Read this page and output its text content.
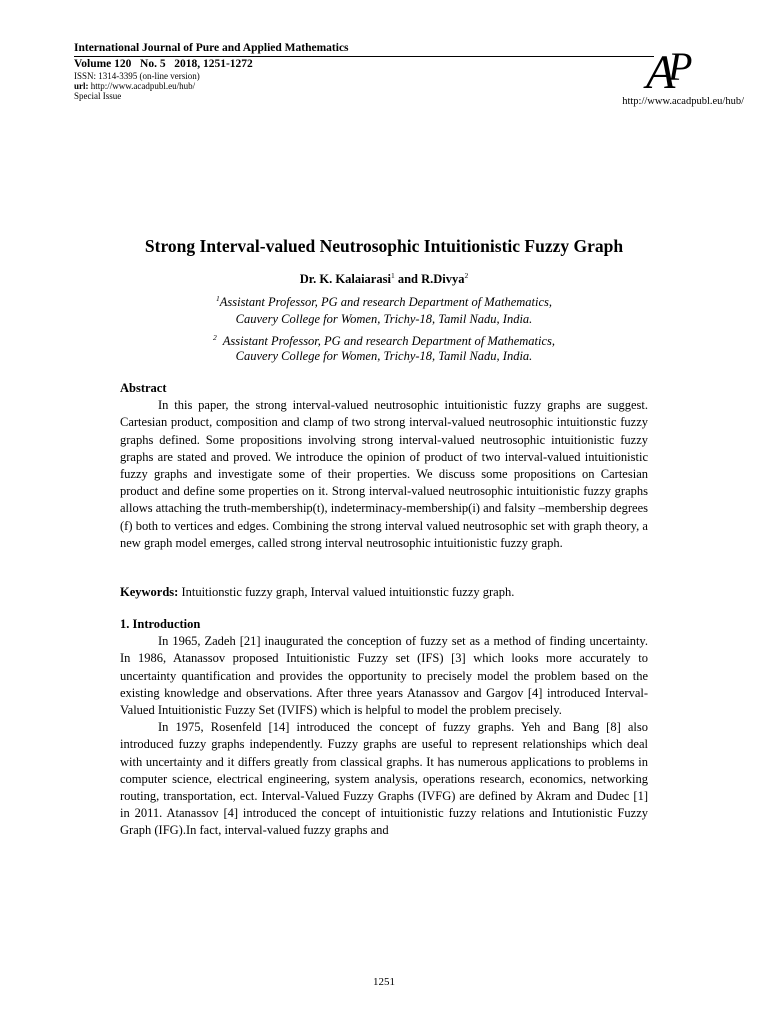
International Journal of Pure and Applied Mathematics
Volume 120   No. 5   2018, 1251-1272
ISSN: 1314-3395 (on-line version)
url: http://www.acadpubl.eu/hub/
Special Issue	A
P
http://www.acadpubl.eu/hub/
Strong Interval-valued Neutrosophic Intuitionistic Fuzzy Graph
Dr. K. Kalaiarasi$^1$ and R.Divya$^2$
$^1$Assistant Professor, PG and research Department of Mathematics,
Cauvery College for Women, Trichy-18, Tamil Nadu, India.
$^2$ Assistant Professor, PG and research Department of Mathematics,
Cauvery College for Women, Trichy-18, Tamil Nadu, India.
Abstract

In this paper, the strong interval-valued neutrosophic intuitionistic fuzzy graphs are suggest. Cartesian product, composition and clamp of two strong interval-valued neutrosophic intuitionstic fuzzy graphs defined. Some propositions involving strong interval-valued neutrosophic intuitionistic fuzzy graphs are stated and proved. We introduce the opinion of product of two interval-valued intuitionistic fuzzy graphs and investigate some of their properties. We discuss some propositions on Cartesian product and define some properties on it. Strong interval-valued neutrosophic intuitionistic fuzzy graphs allows attaching the truth-membership(t), indeterminacy-membership(i) and falsity –membership degrees (f) both to vertices and edges. Combining the strong interval valued neutrosophic set with graph theory, a new graph model emerges, called strong interval neutrosophic intuitionistic fuzzy graph.

Keywords: Intuitionstic fuzzy graph, Interval valued intuitionstic fuzzy graph.
1. Introduction

In 1965, Zadeh [21] inaugurated the conception of fuzzy set as a method of finding uncertainty. In 1986, Atanassov proposed Intuitionistic Fuzzy set (IFS) [3] which looks more accurately to uncertainty quantification and provides the opportunity to precisely model the problem based on the existing knowledge and observations. After three years Atanassov and Gargov [4] introduced Interval-Valued Intuitionistic Fuzzy Set (IVIFS) which is helpful to model the problem precisely.

In 1975, Rosenfeld [14] introduced the concept of fuzzy graphs. Yeh and Bang [8] also introduced fuzzy graphs independently. Fuzzy graphs are useful to represent relationships which deal with uncertainty and it differs greatly from classical graphs. It has numerous applications to problems in computer science, electrical engineering, system analysis, operations research, economics, networking routing, transportation, ect. Interval-Valued Fuzzy Graphs (IVFG) are defined by Akram and Dudec [1] in 2011. Atanassov [4] introduced the concept of intuitionistic fuzzy relations and Intutionistic Fuzzy Graph (IFG).In fact, interval-valued fuzzy graphs and

1251
